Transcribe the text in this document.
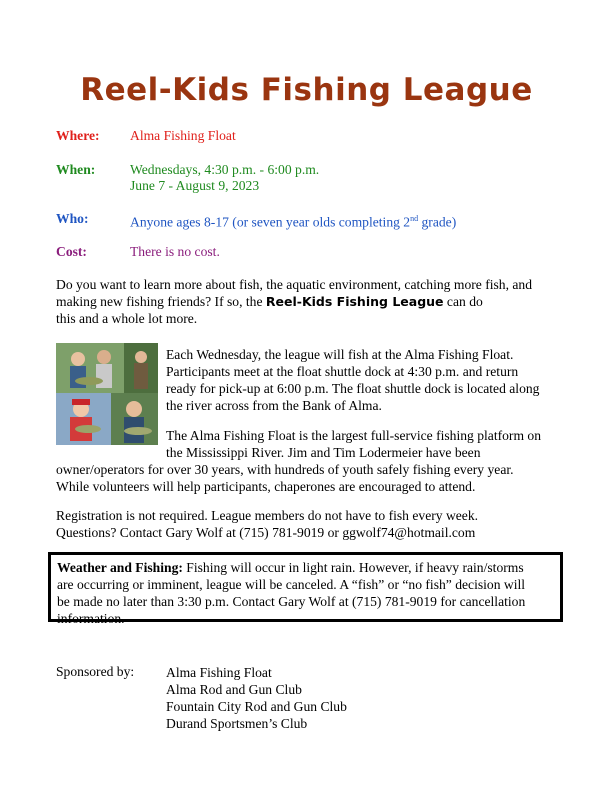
Reel-Kids Fishing League
Where: Alma Fishing Float
When:	Wednesdays, 4:30 p.m. - 6:00 p.m.
June 7 - August 9, 2023
Who:	Anyone ages 8-17 (or seven year olds completing 2nd grade)
Cost:	There is no cost.
Do you want to learn more about fish, the aquatic environment, catching more fish, and
making new fishing friends? If so, the Reel-Kids Fishing League can do
this and a whole lot more.
Each Wednesday, the league will fish at the Alma Fishing Float.
Participants meet at the float shuttle dock at 4:30 p.m. and return
ready for pick-up at 6:00 p.m. The float shuttle dock is located along
the river across from the Bank of Alma.
The Alma Fishing Float is the largest full-service fishing platform on
the Mississippi River. Jim and Tim Lodermeier have been
owner/operators for over 30 years, with hundreds of youth safely fishing every year.
While volunteers will help participants, chaperones are encouraged to attend.
Registration is not required. League members do not have to fish every week.
Questions? Contact Gary Wolf at (715) 781-9019 or ggwolf74@hotmail.com
Weather and Fishing: Fishing will occur in light rain. However, if heavy rain/storms
are occurring or imminent, league will be canceled. A “fish” or “no fish” decision will
be made no later than 3:30 p.m. Contact Gary Wolf at (715) 781-9019 for cancellation
information.
Sponsored by: Alma Fishing Float
Alma Rod and Gun Club
Fountain City Rod and Gun Club
Durand Sportsmen’s Club
